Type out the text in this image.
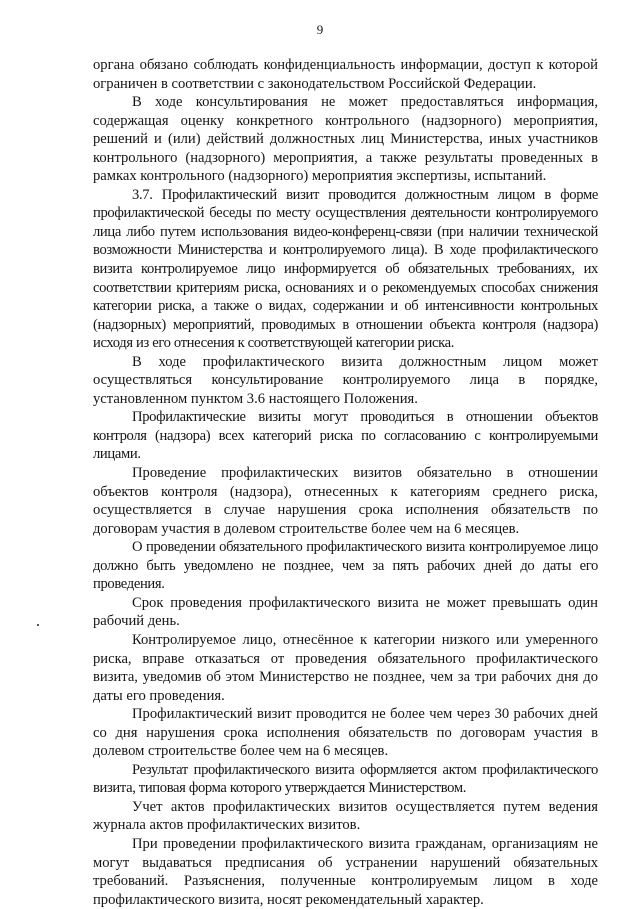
9

органа обязано соблюдать конфиденциальность информации, доступ к которой ограничен в соответствии с законодательством Российской Федерации.

В ходе консультирования не может предоставляться информация, содержащая оценку конкретного контрольного (надзорного) мероприятия, решений и (или) действий должностных лиц Министерства, иных участников контрольного (надзорного) мероприятия, а также результаты проведенных в рамках контрольного (надзорного) мероприятия экспертизы, испытаний.

3.7. Профилактический визит проводится должностным лицом в форме профилактической беседы по месту осуществления деятельности контролируемого лица либо путем использования видео-конференц-связи (при наличии технической возможности Министерства и контролируемого лица). В ходе профилактического визита контролируемое лицо информируется об обязательных требованиях, их соответствии критериям риска, основаниях и о рекомендуемых способах снижения категории риска, а также о видах, содержании и об интенсивности контрольных (надзорных) мероприятий, проводимых в отношении объекта контроля (надзора) исходя из его отнесения к соответствующей категории риска.

В ходе профилактического визита должностным лицом может осуществляться консультирование контролируемого лица в порядке, установленном пунктом 3.6 настоящего Положения.

Профилактические визиты могут проводиться в отношении объектов контроля (надзора) всех категорий риска по согласованию с контролируемыми лицами.

Проведение профилактических визитов обязательно в отношении объектов контроля (надзора), отнесенных к категориям среднего риска, осуществляется в случае нарушения срока исполнения обязательств по договорам участия в долевом строительстве более чем на 6 месяцев.

О проведении обязательного профилактического визита контролируемое лицо должно быть уведомлено не позднее, чем за пять рабочих дней до даты его проведения.

Срок проведения профилактического визита не может превышать один рабочий день.

Контролируемое лицо, отнесённое к категории низкого или умеренного риска, вправе отказаться от проведения обязательного профилактического визита, уведомив об этом Министерство не позднее, чем за три рабочих дня до даты его проведения.

Профилактический визит проводится не более чем через 30 рабочих дней со дня нарушения срока исполнения обязательств по договорам участия в долевом строительстве более чем на 6 месяцев.

Результат профилактического визита оформляется актом профилактического визита, типовая форма которого утверждается Министерством.

Учет актов профилактических визитов осуществляется путем ведения журнала актов профилактических визитов.

При проведении профилактического визита гражданам, организациям не могут выдаваться предписания об устранении нарушений обязательных требований. Разъяснения, полученные контролируемым лицом в ходе профилактического визита, носят рекомендательный характер.
